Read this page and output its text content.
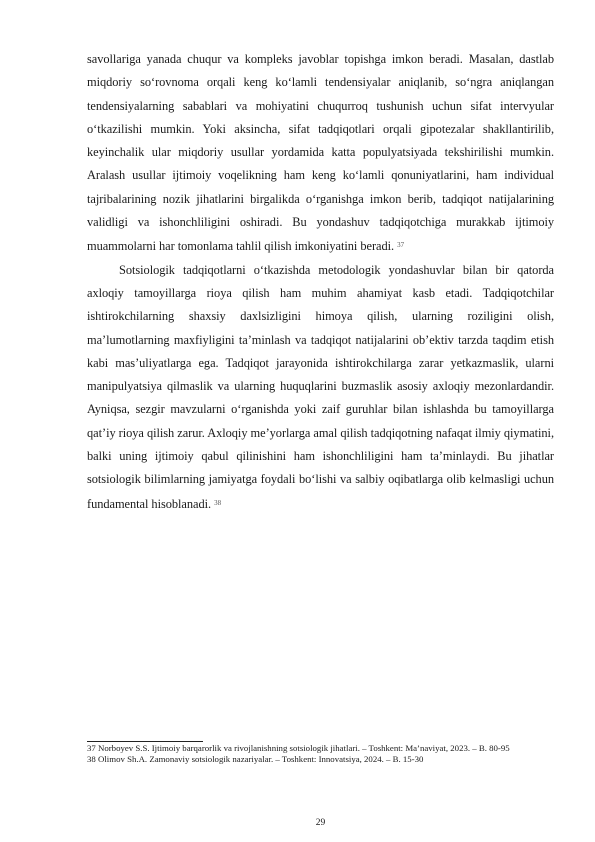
savollariga yanada chuqur va kompleks javoblar topishga imkon beradi. Masalan, dastlab miqdoriy so‘rovnoma orqali keng ko‘lamli tendensiyalar aniqlanib, so‘ngra aniqlangan tendensiyalarning sabablari va mohiyatini chuqurroq tushunish uchun sifat intervyular o‘tkazilishi mumkin. Yoki aksincha, sifat tadqiqotlari orqali gipotezalar shakllantirilib, keyinchalik ular miqdoriy usullar yordamida katta populyatsiyada tekshirilishi mumkin. Aralash usullar ijtimoiy voqelikning ham keng ko‘lamli qonuniyatlarini, ham individual tajribalarining nozik jihatlarini birgalikda o‘rganishga imkon berib, tadqiqot natijalarining validligi va ishonchliligini oshiradi. Bu yondashuv tadqiqotchiga murakkab ijtimoiy muammolarni har tomonlama tahlil qilish imkoniyatini beradi. $^{37}$

Sotsiologik tadqiqotlarni o‘tkazishda metodologik yondashuvlar bilan bir qatorda axloqiy tamoyillarga rioya qilish ham muhim ahamiyat kasb etadi. Tadqiqotchilar ishtirokchilarning shaxsiy daxlsizligini himoya qilish, ularning roziligini olish, ma’lumotlarning maxfiyligini ta’minlash va tadqiqot natijalarini ob’ektiv tarzda taqdim etish kabi mas’uliyatlarga ega. Tadqiqot jarayonida ishtirokchilarga zarar yetkazmaslik, ularni manipulyatsiya qilmaslik va ularning huquqlarini buzmaslik asosiy axloqiy mezonlardandir. Ayniqsa, sezgir mavzularni o‘rganishda yoki zaif guruhlar bilan ishlashda bu tamoyillarga qat’iy rioya qilish zarur. Axloqiy me’yorlarga amal qilish tadqiqotning nafaqat ilmiy qiymatini, balki uning ijtimoiy qabul qilinishini ham ishonchliligini ham ta’minlaydi. Bu jihatlar sotsiologik bilimlarning jamiyatga foydali bo‘lishi va salbiy oqibatlarga olib kelmasligi uchun fundamental hisoblanadi. $^{38}$

37 Norboyev S.S. Ijtimoiy barqarorlik va rivojlanishning sotsiologik jihatlari. – Toshkent: Ma’naviyat, 2023. – B. 80-95
38 Olimov Sh.A. Zamonaviy sotsiologik nazariyalar. – Toshkent: Innovatsiya, 2024. – B. 15-30
29
